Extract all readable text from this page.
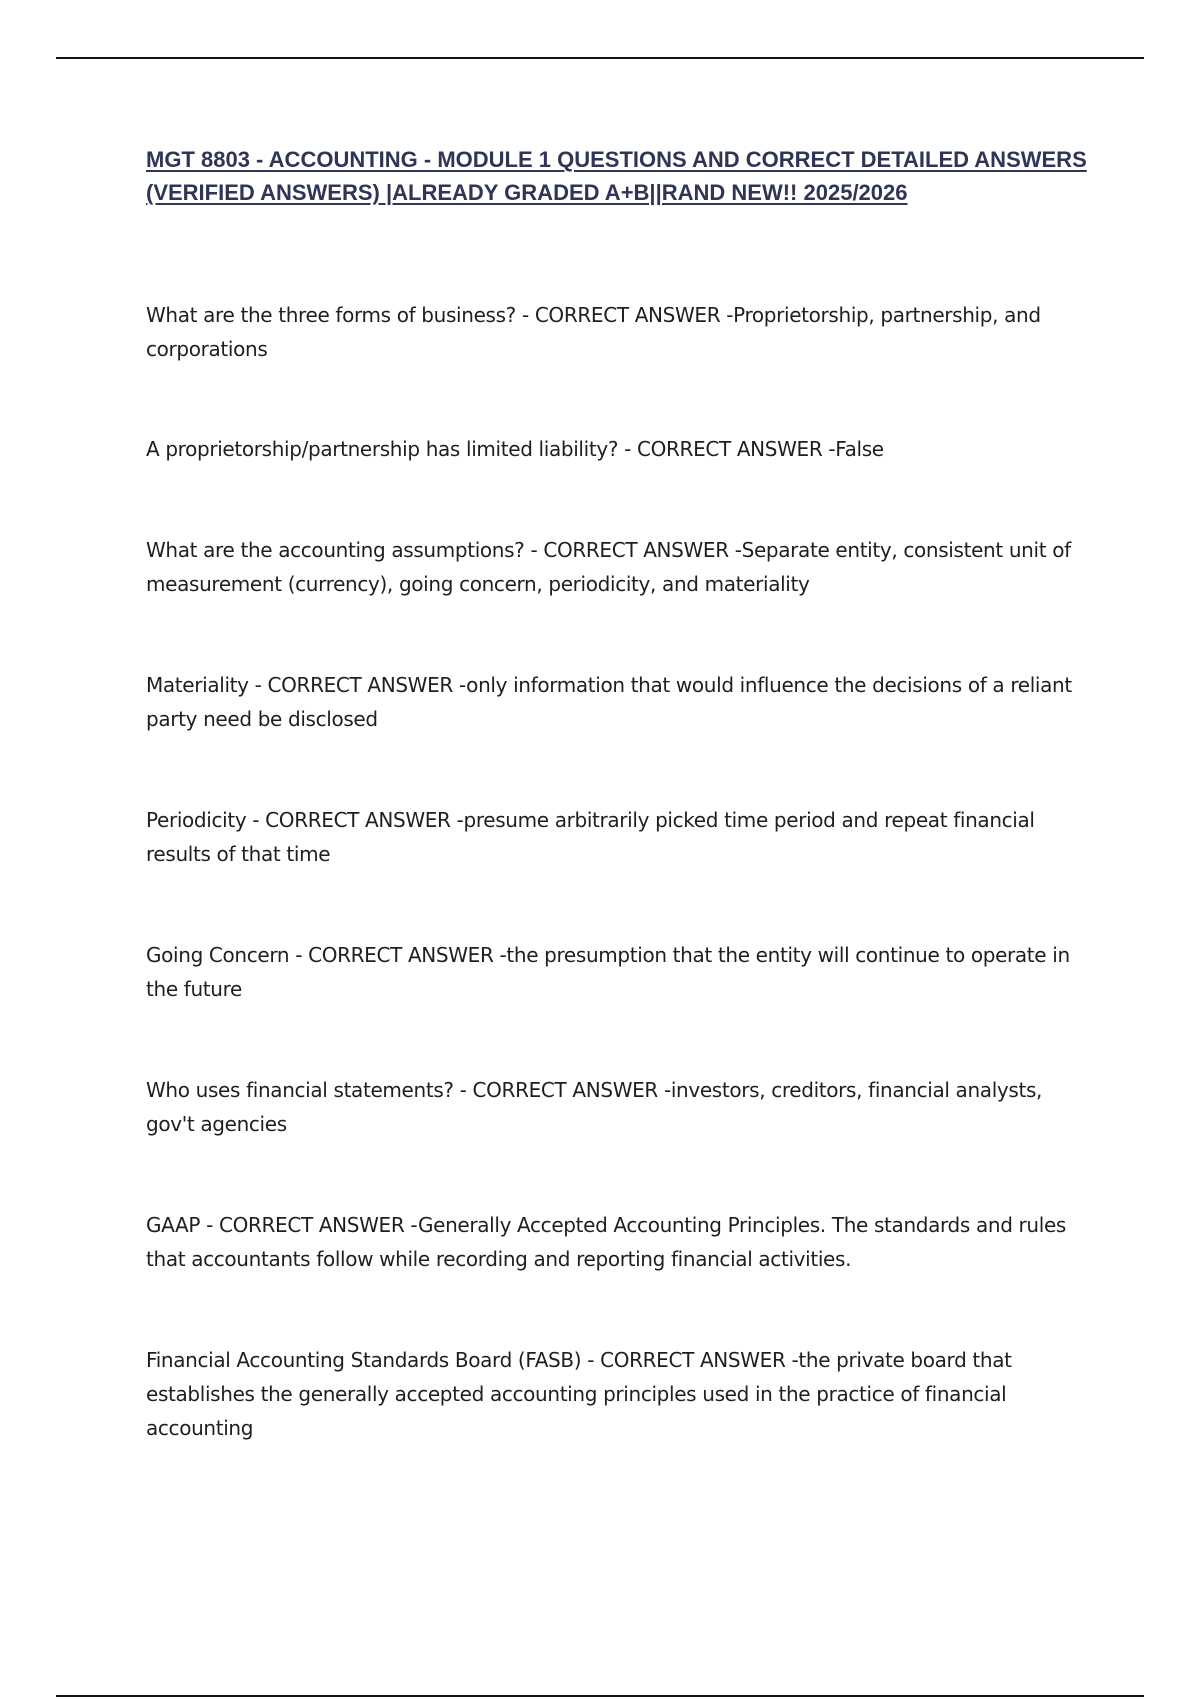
MGT 8803 - ACCOUNTING - MODULE 1 QUESTIONS AND CORRECT DETAILED ANSWERS (VERIFIED ANSWERS) |ALREADY GRADED A+B||RAND NEW!! 2025/2026
What are the three forms of business? - CORRECT ANSWER -Proprietorship, partnership, and corporations
A proprietorship/partnership has limited liability? - CORRECT ANSWER -False
What are the accounting assumptions? - CORRECT ANSWER -Separate entity, consistent unit of measurement (currency), going concern, periodicity, and materiality
Materiality - CORRECT ANSWER -only information that would influence the decisions of a reliant party need be disclosed
Periodicity - CORRECT ANSWER -presume arbitrarily picked time period and repeat financial results of that time
Going Concern - CORRECT ANSWER -the presumption that the entity will continue to operate in the future
Who uses financial statements? - CORRECT ANSWER -investors, creditors, financial analysts, gov't agencies
GAAP - CORRECT ANSWER -Generally Accepted Accounting Principles. The standards and rules that accountants follow while recording and reporting financial activities.
Financial Accounting Standards Board (FASB) - CORRECT ANSWER -the private board that establishes the generally accepted accounting principles used in the practice of financial accounting
